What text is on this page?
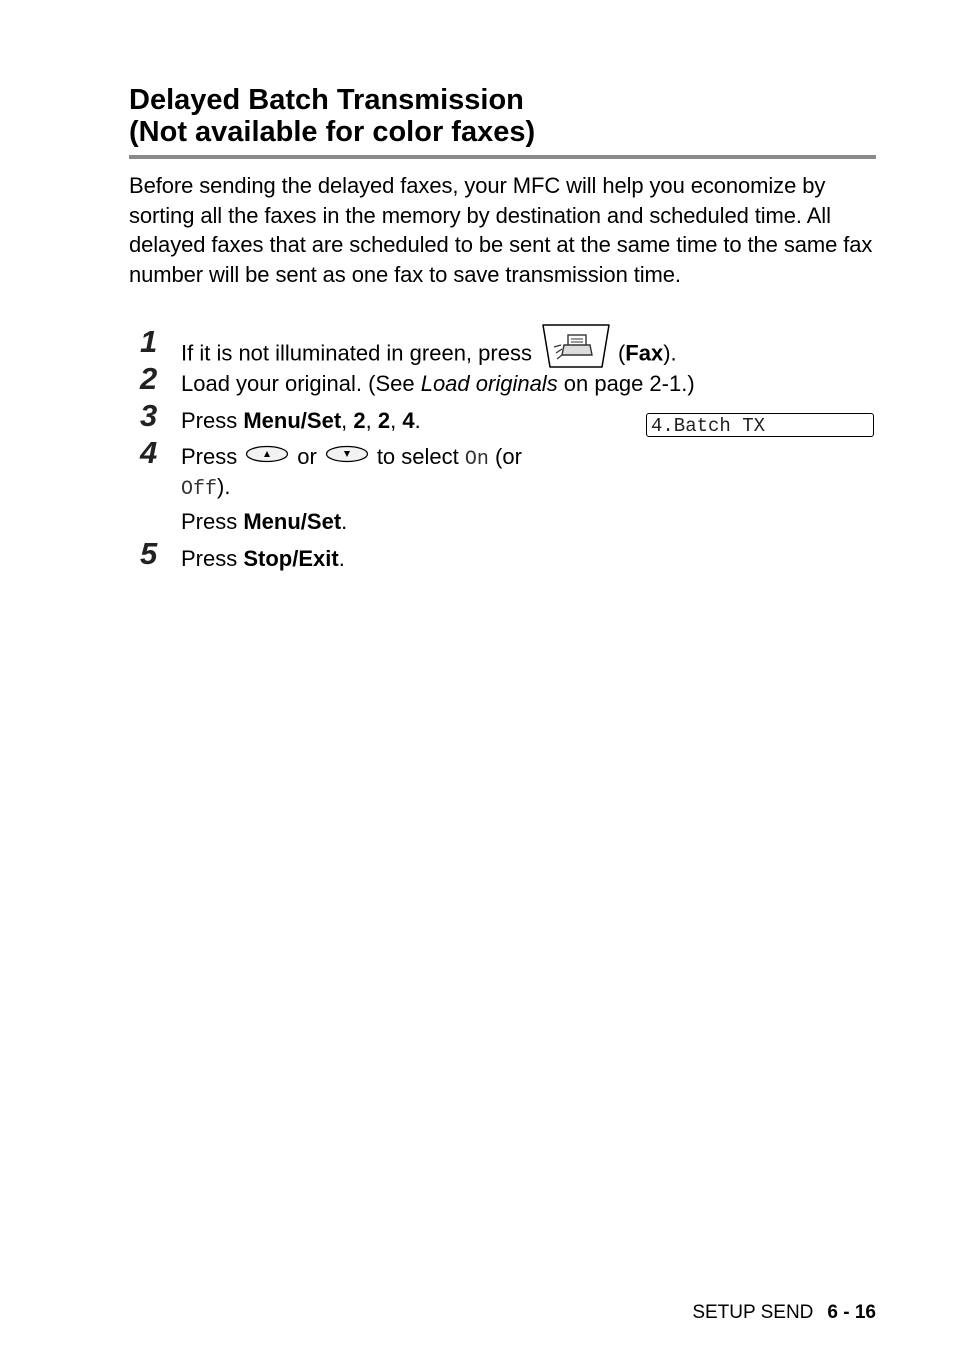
Delayed Batch Transmission
(Not available for color faxes)

Before sending the delayed faxes, your MFC will help you economize by sorting all the faxes in the memory by destination and scheduled time. All delayed faxes that are scheduled to be sent at the same time to the same fax number will be sent as one fax to save transmission time.

1 If it is not illuminated in green, press	(Fax).
2 Load your original. (See Load originals on page 2-1.)
3 Press Menu/Set, 2, 2, 4.	4.Batch TX
4 Press	or	to select On (or
Off).
Press Menu/Set.
5 Press Stop/Exit.
SETUP SEND 6 - 16
